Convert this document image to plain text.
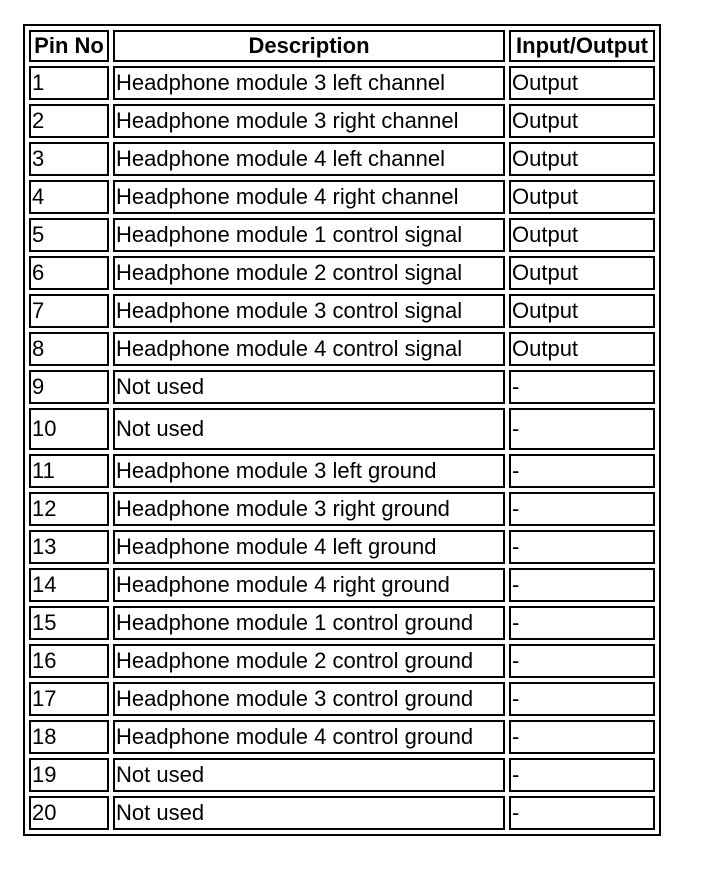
Pin No	Description	Input/Output
1	Headphone module 3 left channel	Output
2	Headphone module 3 right channel	Output
3	Headphone module 4 left channel	Output
4	Headphone module 4 right channel	Output
5	Headphone module 1 control signal	Output
6	Headphone module 2 control signal	Output
7	Headphone module 3 control signal	Output
8	Headphone module 4 control signal	Output
9	Not used	-
10	Not used	-
11	Headphone module 3 left ground	-
12	Headphone module 3 right ground	-
13	Headphone module 4 left ground	-
14	Headphone module 4 right ground	-
15	Headphone module 1 control ground	-
16	Headphone module 2 control ground	-
17	Headphone module 3 control ground	-
18	Headphone module 4 control ground	-
19	Not used	-
20	Not used	-
